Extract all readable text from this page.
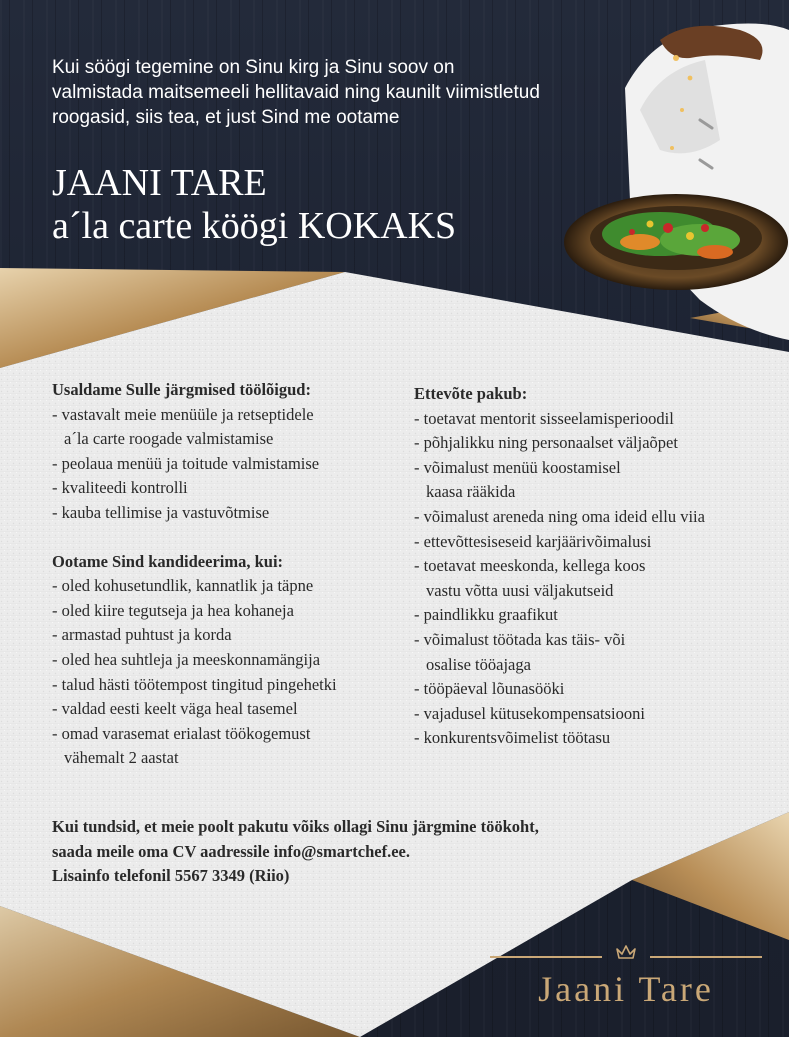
Kui söögi tegemine on Sinu kirg ja Sinu soov on
valmistada maitsemeeli hellitavaid ning kaunilt viimistletud
roogasid, siis tea, et just Sind me ootame
JAANI TARE
a´la carte köögi KOKAKS
Usaldame Sulle järgmised töölõigud:
- vastavalt meie menüüle ja retseptidele
a´la carte roogade valmistamise
- peolaua menüü ja toitude valmistamise
- kvaliteedi kontrolli
- kauba tellimise ja vastuvõtmise
Ootame Sind kandideerima, kui:
- oled kohusetundlik, kannatlik ja täpne
- oled kiire tegutseja ja hea kohaneja
- armastad puhtust ja korda
- oled hea suhtleja ja meeskonnamängija
- talud hästi töötempost tingitud pingehetki
- valdad eesti keelt väga heal tasemel
- omad varasemat erialast töökogemust
vähemalt 2 aastat
Ettevõte pakub:
- toetavat mentorit sisseelamisperioodil
- põhjalikku ning personaalset väljaõpet
- võimalust menüü koostamisel
kaasa rääkida
- võimalust areneda ning oma ideid ellu viia
- ettevõttesiseseid karjäärivõimalusi
- toetavat meeskonda, kellega koos
vastu võtta uusi väljakutseid
- paindlikku graafikut
- võimalust töötada kas täis- või
osalise tööajaga
- tööpäeval lõunasööki
- vajadusel kütusekompensatsiooni
- konkurentsvõimelist töötasu
Kui tundsid, et meie poolt pakutu võiks ollagi Sinu järgmine töökoht,
saada meile oma CV aadressile info@smartchef.ee.
Lisainfo telefonil 5567 3349 (Riio)
Jaani Tare
